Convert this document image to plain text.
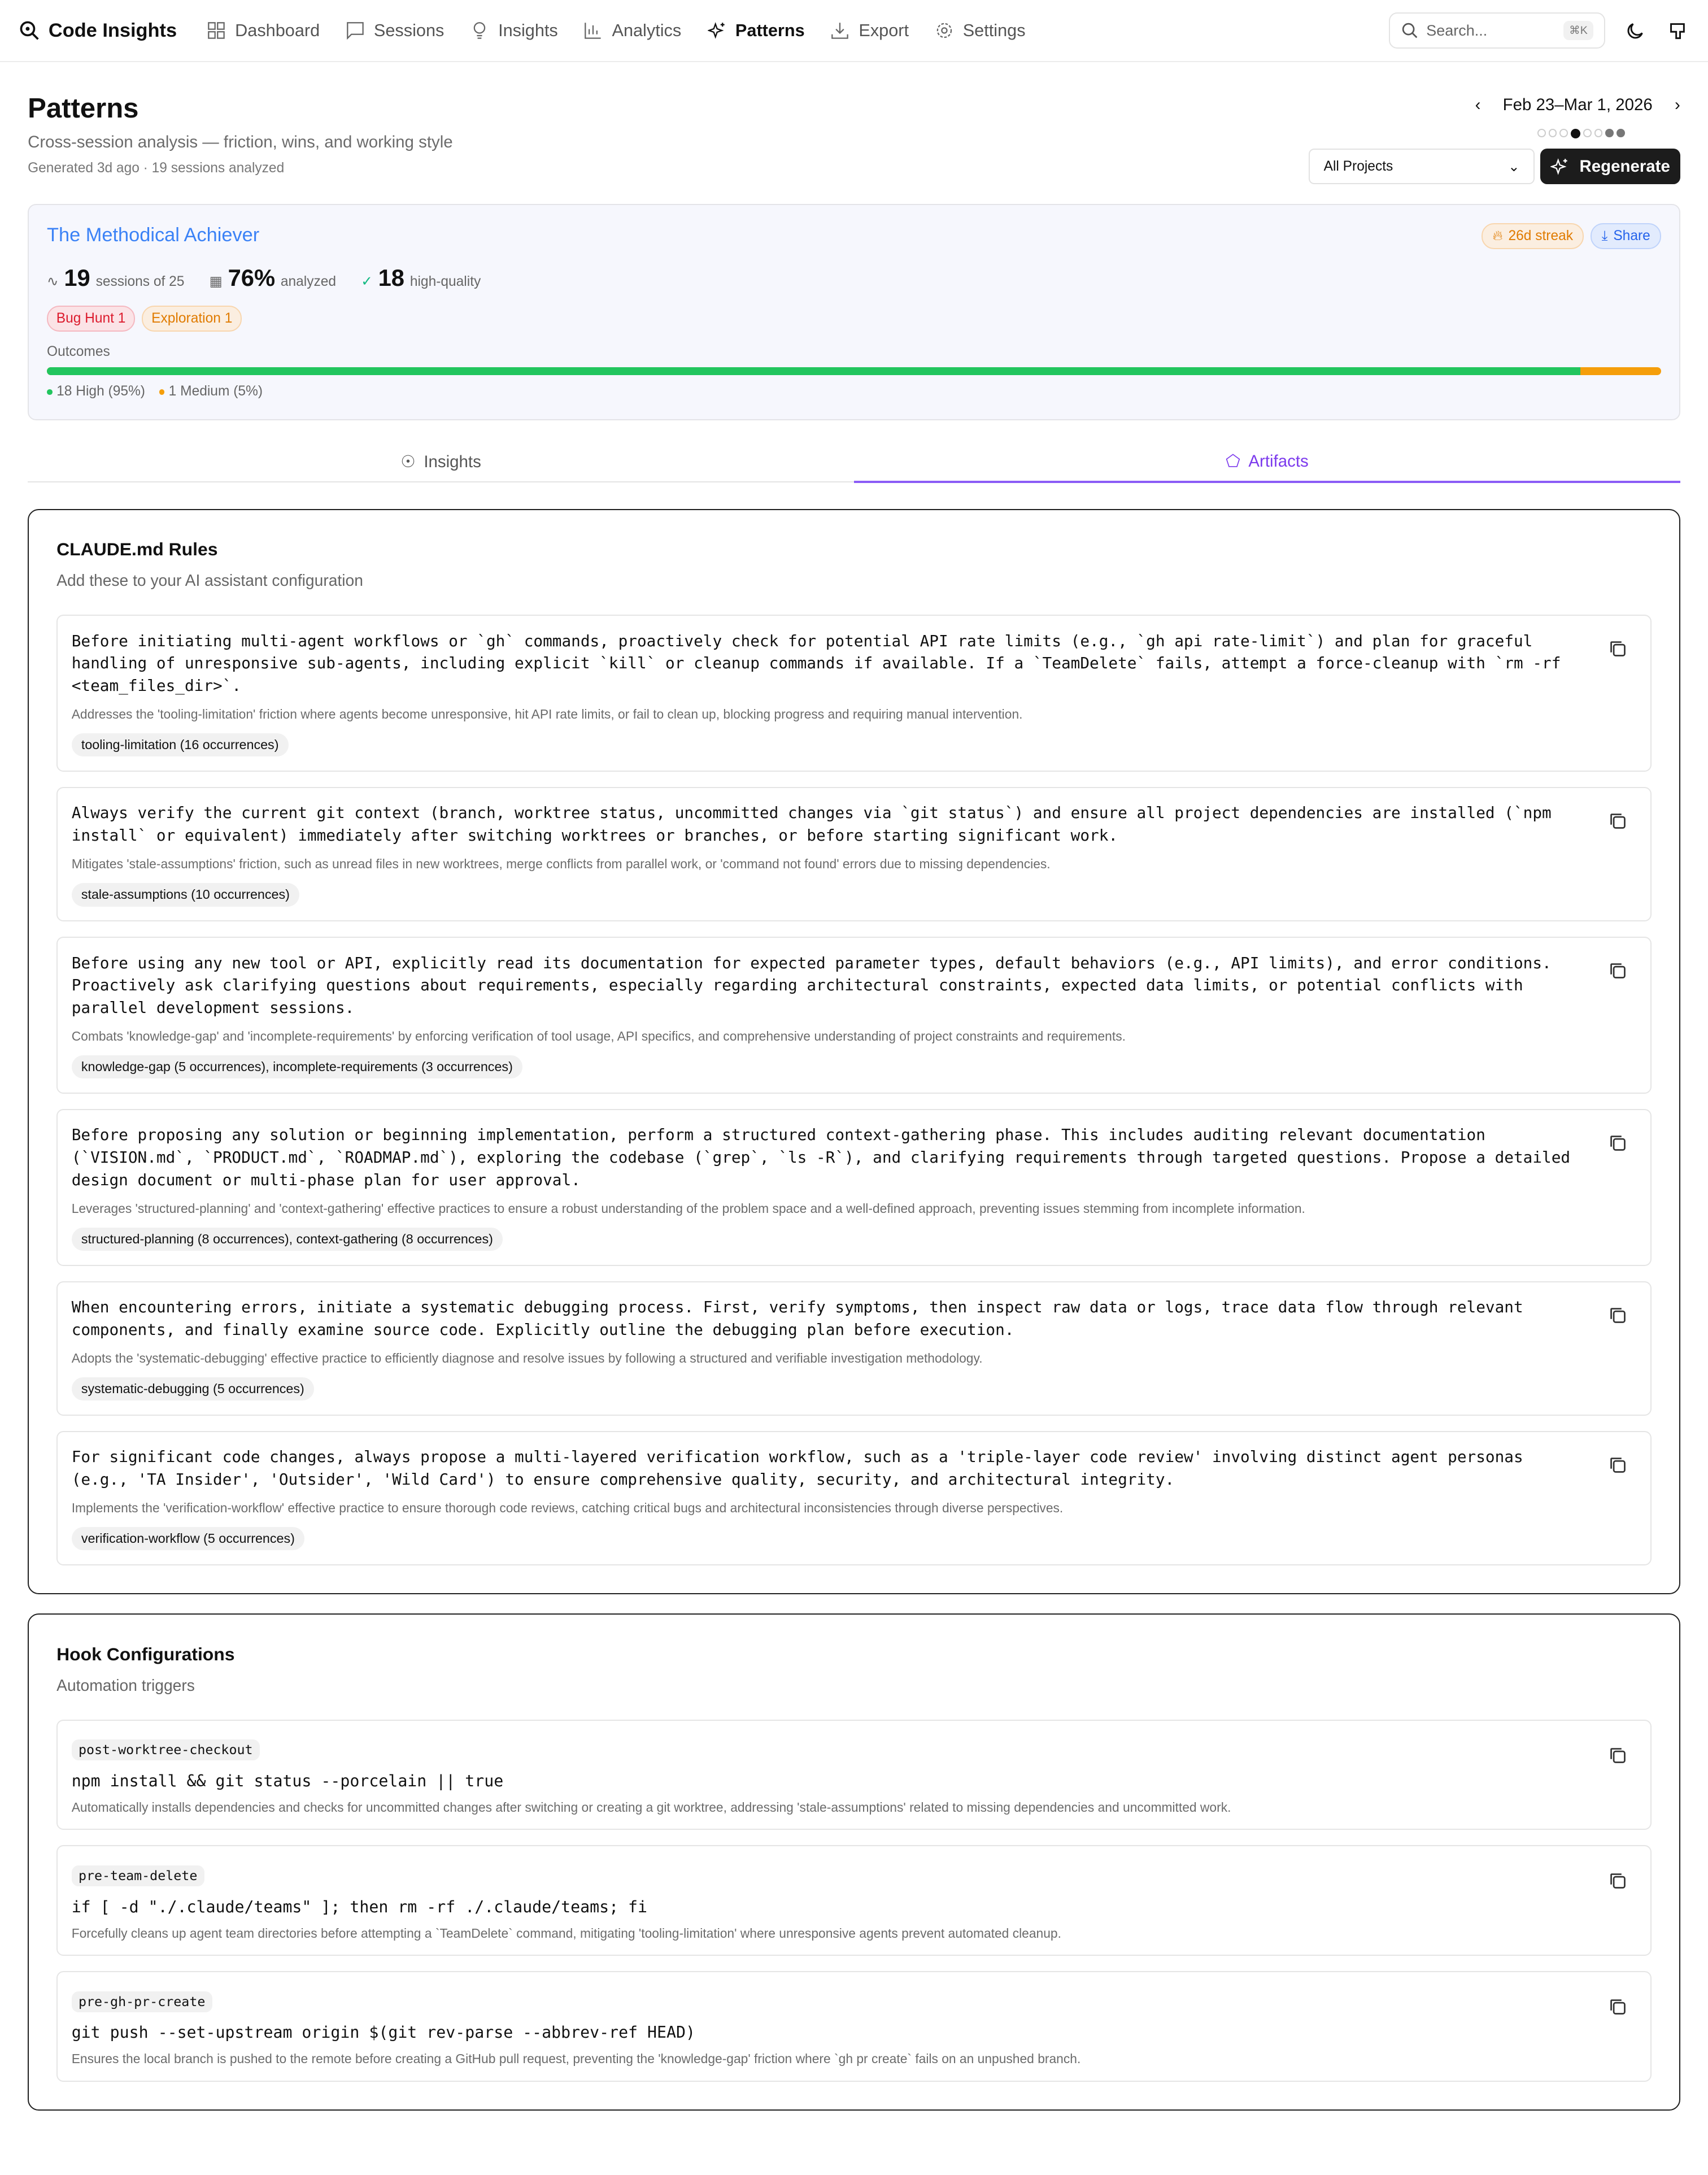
Code Insights	Dashboard	Sessions	Insights	Analytics	Patterns	Export	Settings	Search...	⌘K
Patterns
Cross-session analysis — friction, wins, and working style
Generated 3d ago · 19 sessions analyzed
‹	Feb 23–Mar 1, 2026	›
All Projects	⌄	Regenerate
The Methodical Achiever	🔥︎ 26d streak	⤓ Share
∿ 19 sessions of 25	▦ 76% analyzed	✓ 18 high-quality
Bug Hunt 1	Exploration 1
Outcomes
18 High (95%)	1 Medium (5%)
☉ Insights	⬠ Artifacts
CLAUDE.md Rules
Add these to your AI assistant configuration
Before initiating multi-agent workflows or `gh` commands, proactively check for potential API rate limits (e.g., `gh api rate-limit`) and plan for graceful handling of unresponsive sub-agents, including explicit `kill` or cleanup commands if available. If a `TeamDelete` fails, attempt a force-cleanup with `rm -rf <team_files_dir>`.
Addresses the 'tooling-limitation' friction where agents become unresponsive, hit API rate limits, or fail to clean up, blocking progress and requiring manual intervention.
tooling-limitation (16 occurrences)
Always verify the current git context (branch, worktree status, uncommitted changes via `git status`) and ensure all project dependencies are installed (`npm install` or equivalent) immediately after switching worktrees or branches, or before starting significant work.
Mitigates 'stale-assumptions' friction, such as unread files in new worktrees, merge conflicts from parallel work, or 'command not found' errors due to missing dependencies.
stale-assumptions (10 occurrences)
Before using any new tool or API, explicitly read its documentation for expected parameter types, default behaviors (e.g., API limits), and error conditions. Proactively ask clarifying questions about requirements, especially regarding architectural constraints, expected data limits, or potential conflicts with parallel development sessions.
Combats 'knowledge-gap' and 'incomplete-requirements' by enforcing verification of tool usage, API specifics, and comprehensive understanding of project constraints and requirements.
knowledge-gap (5 occurrences), incomplete-requirements (3 occurrences)
Before proposing any solution or beginning implementation, perform a structured context-gathering phase. This includes auditing relevant documentation (`VISION.md`, `PRODUCT.md`, `ROADMAP.md`), exploring the codebase (`grep`, `ls -R`), and clarifying requirements through targeted questions. Propose a detailed design document or multi-phase plan for user approval.
Leverages 'structured-planning' and 'context-gathering' effective practices to ensure a robust understanding of the problem space and a well-defined approach, preventing issues stemming from incomplete information.
structured-planning (8 occurrences), context-gathering (8 occurrences)
When encountering errors, initiate a systematic debugging process. First, verify symptoms, then inspect raw data or logs, trace data flow through relevant components, and finally examine source code. Explicitly outline the debugging plan before execution.
Adopts the 'systematic-debugging' effective practice to efficiently diagnose and resolve issues by following a structured and verifiable investigation methodology.
systematic-debugging (5 occurrences)
For significant code changes, always propose a multi-layered verification workflow, such as a 'triple-layer code review' involving distinct agent personas (e.g., 'TA Insider', 'Outsider', 'Wild Card') to ensure comprehensive quality, security, and architectural integrity.
Implements the 'verification-workflow' effective practice to ensure thorough code reviews, catching critical bugs and architectural inconsistencies through diverse perspectives.
verification-workflow (5 occurrences)
Hook Configurations
Automation triggers
post-worktree-checkout
npm install && git status --porcelain || true
Automatically installs dependencies and checks for uncommitted changes after switching or creating a git worktree, addressing 'stale-assumptions' related to missing dependencies and uncommitted work.
pre-team-delete
if [ -d "./.claude/teams" ]; then rm -rf ./.claude/teams; fi
Forcefully cleans up agent team directories before attempting a `TeamDelete` command, mitigating 'tooling-limitation' where unresponsive agents prevent automated cleanup.
pre-gh-pr-create
git push --set-upstream origin $(git rev-parse --abbrev-ref HEAD)
Ensures the local branch is pushed to the remote before creating a GitHub pull request, preventing the 'knowledge-gap' friction where `gh pr create` fails on an unpushed branch.
